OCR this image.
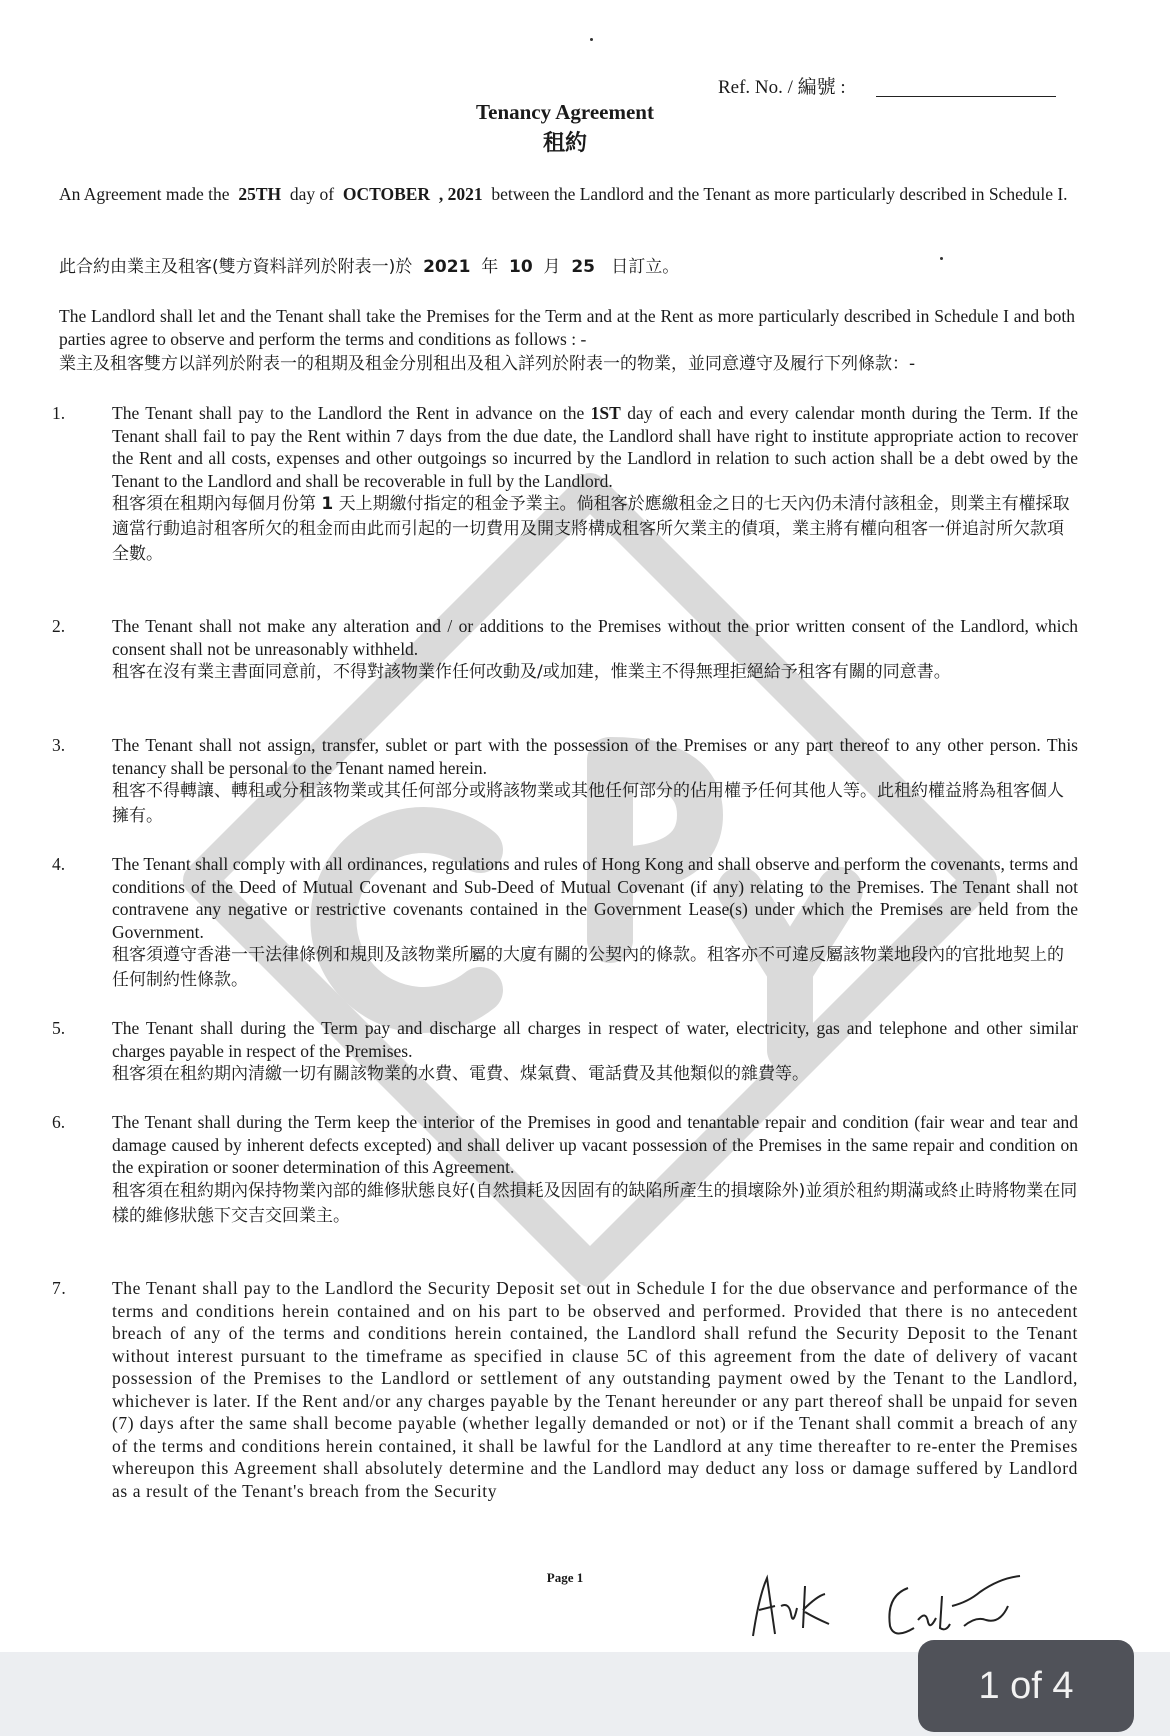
Ref. No. / 編號 :
Tenancy Agreement
租約
An Agreement made the 25TH day of OCTOBER , 2021 between the Landlord and the Tenant as more particularly described in Schedule I.
此合約由業主及租客(雙方資料詳列於附表一)於 2021 年 10 月 25 日訂立。
The Landlord shall let and the Tenant shall take the Premises for the Term and at the Rent as more particularly described in Schedule I and both parties agree to observe and perform the terms and conditions as follows : -
業主及租客雙方以詳列於附表一的租期及租金分別租出及租入詳列於附表一的物業，並同意遵守及履行下列條款：-
1.	The Tenant shall pay to the Landlord the Rent in advance on the 1ST day of each and every calendar month during the Term. If the Tenant shall fail to pay the Rent within 7 days from the due date, the Landlord shall have right to institute appropriate action to recover the Rent and all costs, expenses and other outgoings so incurred by the Landlord in relation to such action shall be a debt owed by the Tenant to the Landlord and shall be recoverable in full by the Landlord.
租客須在租期內每個月份第 1 天上期繳付指定的租金予業主。倘租客於應繳租金之日的七天內仍未清付該租金，則業主有權採取適當行動追討租客所欠的租金而由此而引起的一切費用及開支將構成租客所欠業主的債項，業主將有權向租客一併追討所欠款項全數。
2.	The Tenant shall not make any alteration and / or additions to the Premises without the prior written consent of the Landlord, which consent shall not be unreasonably withheld.
租客在沒有業主書面同意前，不得對該物業作任何改動及/或加建，惟業主不得無理拒絕給予租客有關的同意書。
3.	The Tenant shall not assign, transfer, sublet or part with the possession of the Premises or any part thereof to any other person. This tenancy shall be personal to the Tenant named herein.
租客不得轉讓、轉租或分租該物業或其任何部分或將該物業或其他任何部分的佔用權予任何其他人等。此租約權益將為租客個人擁有。
4.	The Tenant shall comply with all ordinances, regulations and rules of Hong Kong and shall observe and perform the covenants, terms and conditions of the Deed of Mutual Covenant and Sub-Deed of Mutual Covenant (if any) relating to the Premises. The Tenant shall not contravene any negative or restrictive covenants contained in the Government Lease(s) under which the Premises are held from the Government.
租客須遵守香港一干法律條例和規則及該物業所屬的大廈有關的公契內的條款。租客亦不可違反屬該物業地段內的官批地契上的任何制約性條款。
5.	The Tenant shall during the Term pay and discharge all charges in respect of water, electricity, gas and telephone and other similar charges payable in respect of the Premises.
租客須在租約期內清繳一切有關該物業的水費、電費、煤氣費、電話費及其他類似的雜費等。
6.	The Tenant shall during the Term keep the interior of the Premises in good and tenantable repair and condition (fair wear and tear and damage caused by inherent defects excepted) and shall deliver up vacant possession of the Premises in the same repair and condition on the expiration or sooner determination of this Agreement.
租客須在租約期內保持物業內部的維修狀態良好(自然損耗及因固有的缺陷所產生的損壞除外)並須於租約期滿或終止時將物業在同樣的維修狀態下交吉交回業主。
7.	The Tenant shall pay to the Landlord the Security Deposit set out in Schedule I for the due observance and performance of the terms and conditions herein contained and on his part to be observed and performed. Provided that there is no antecedent breach of any of the terms and conditions herein contained, the Landlord shall refund the Security Deposit to the Tenant without interest pursuant to the timeframe as specified in clause 5C of this agreement from the date of delivery of vacant possession of the Premises to the Landlord or settlement of any outstanding payment owed by the Tenant to the Landlord, whichever is later. If the Rent and/or any charges payable by the Tenant hereunder or any part thereof shall be unpaid for seven (7) days after the same shall become payable (whether legally demanded or not) or if the Tenant shall commit a breach of any of the terms and conditions herein contained, it shall be lawful for the Landlord at any time thereafter to re-enter the Premises whereupon this Agreement shall absolutely determine and the Landlord may deduct any loss or damage suffered by Landlord as a result of the Tenant's breach from the Security
Page 1
1 of 4
